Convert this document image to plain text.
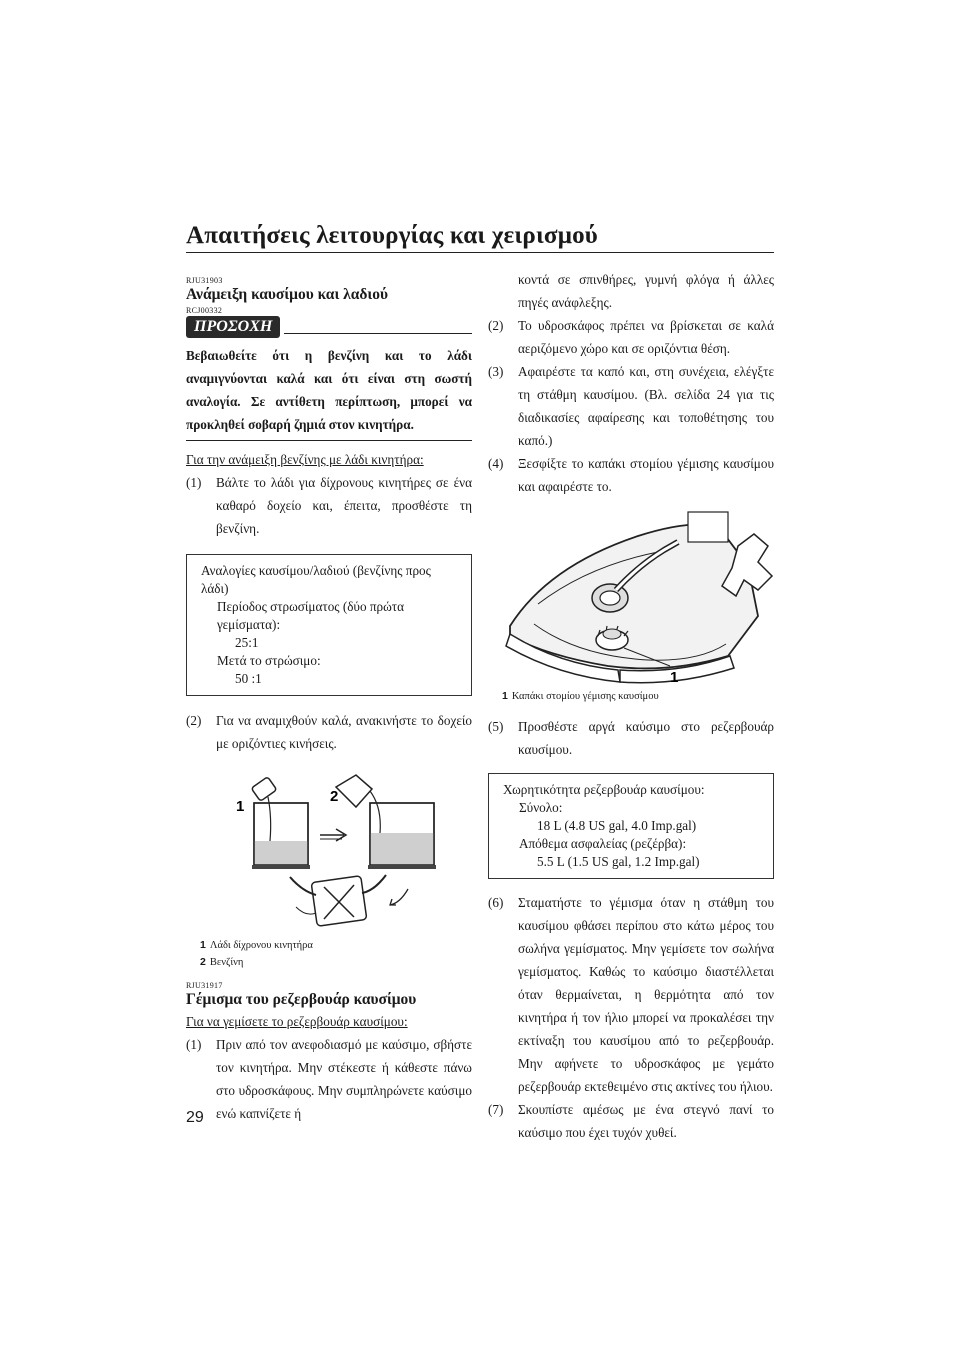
Απαιτήσεις λειτουργίας και χειρισμού
RJU31903
Ανάμειξη καυσίμου και λαδιού
RCJ00332
ΠΡΟΣΟΧΗ
Βεβαιωθείτε ότι η βενζίνη και το λάδι αναμιγνύονται καλά και ότι είναι στη σωστή αναλογία. Σε αντίθετη περίπτωση, μπορεί να προκληθεί σοβαρή ζημιά στον κινητήρα.
Για την ανάμειξη βενζίνης με λάδι κινητήρα:
(1)	Βάλτε το λάδι για δίχρονους κινητήρες σε ένα καθαρό δοχείο και, έπειτα, προσθέστε τη βενζίνη.
Αναλογίες καυσίμου/λαδιού (βενζίνης προς λάδι)
Περίοδος στρωσίματος (δύο πρώτα γεμίσματα):
25:1
Μετά το στρώσιμο:
50 :1
(2)	Για να αναμιχθούν καλά, ανακινήστε το δοχείο με οριζόντιες κινήσεις.
1
2
1 Λάδι δίχρονου κινητήρα
2 Βενζίνη
RJU31917
Γέμισμα του ρεζερβουάρ καυσίμου
Για να γεμίσετε το ρεζερβουάρ καυσίμου:
(1)	Πριν από τον ανεφοδιασμό με καύσιμο, σβήστε τον κινητήρα. Μην στέκεστε ή κάθεστε πάνω στο υδροσκάφους. Μην συμπληρώνετε καύσιμο ενώ καπνίζετε ή
κοντά σε σπινθήρες, γυμνή φλόγα ή άλλες πηγές ανάφλεξης.
(2)	Το υδροσκάφος πρέπει να βρίσκεται σε καλά αεριζόμενο χώρο και σε οριζόντια θέση.
(3)	Αφαιρέστε τα καπό και, στη συνέχεια, ελέγξτε τη στάθμη καυσίμου. (Βλ. σελίδα 24 για τις διαδικασίες αφαίρεσης και τοποθέτησης του καπό.)
(4)	Ξεσφίξτε το καπάκι στομίου γέμισης καυσίμου και αφαιρέστε το.
1
1 Καπάκι στομίου γέμισης καυσίμου
(5)	Προσθέστε αργά καύσιμο στο ρεζερβουάρ καυσίμου.
Χωρητικότητα ρεζερβουάρ καυσίμου:
Σύνολο:
18 L (4.8 US gal, 4.0 Imp.gal)
Απόθεμα ασφαλείας (ρεζέρβα):
5.5 L (1.5 US gal, 1.2 Imp.gal)
(6)	Σταματήστε το γέμισμα όταν η στάθμη του καυσίμου φθάσει περίπου στο κάτω μέρος του σωλήνα γεμίσματος. Μην γεμίσετε τον σωλήνα γεμίσματος. Καθώς το καύσιμο διαστέλλεται όταν θερμαίνεται, η θερμότητα από τον κινητήρα ή τον ήλιο μπορεί να προκαλέσει την εκτίναξη του καυσίμου από το ρεζερβουάρ. Μην αφήνετε το υδροσκάφος με γεμάτο ρεζερβουάρ εκτεθειμένο στις ακτίνες του ήλιου.
(7)	Σκουπίστε αμέσως με ένα στεγνό πανί το καύσιμο που έχει τυχόν χυθεί.
29
